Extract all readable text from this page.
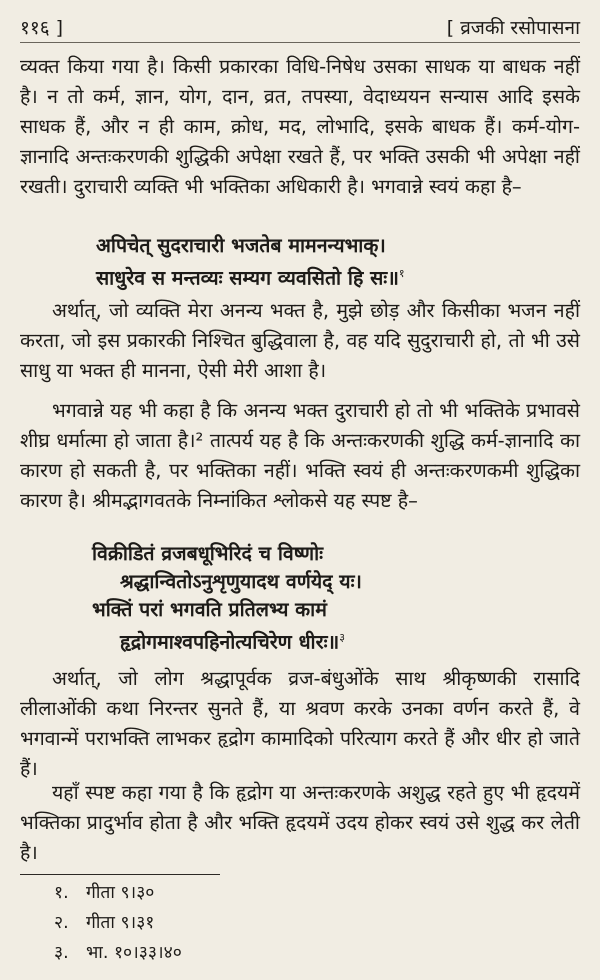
११६ ]	[ व्रजकी रसोपासना

व्यक्त किया गया है। किसी प्रकारका विधि-निषेध उसका साधक या बाधक नहीं है। न तो कर्म, ज्ञान, योग, दान, व्रत, तपस्या, वेदाध्ययन सन्यास आदि इसके साधक हैं, और न ही काम, क्रोध, मद, लोभादि, इसके बाधक हैं। कर्म-योग-ज्ञानादि अन्तःकरणकी शुद्धिकी अपेक्षा रखते हैं, पर भक्ति उसकी भी अपेक्षा नहीं रखती। दुराचारी व्यक्ति भी भक्तिका अधिकारी है। भगवान्ने स्वयं कहा है–

अपिचेत् सुदराचारी भजतेब मामनन्यभाक्।
साधुरेव स मन्तव्यः सम्यग व्यवसितो हि सः॥$^१$

अर्थात्, जो व्यक्ति मेरा अनन्य भक्त है, मुझे छोड़ और किसीका भजन नहीं करता, जो इस प्रकारकी निश्चित बुद्धिवाला है, वह यदि सुदुराचारी हो, तो भी उसे साधु या भक्त ही मानना, ऐसी मेरी आशा है।

भगवान्ने यह भी कहा है कि अनन्य भक्त दुराचारी हो तो भी भक्तिके प्रभावसे शीघ्र धर्मात्मा हो जाता है।² तात्पर्य यह है कि अन्तःकरणकी शुद्धि कर्म-ज्ञानादि का कारण हो सकती है, पर भक्तिका नहीं। भक्ति स्वयं ही अन्तःकरणकमी शुद्धिका कारण है। श्रीमद्भागवतके निम्नांकित श्लोकसे यह स्पष्ट है–

विक्रीडितं व्रजबधूभिरिदं च विष्णोः
श्रद्धान्वितोऽनुशृणुयादथ वर्णयेद् यः।
भक्तिं परां भगवति प्रतिलभ्य कामं
हृद्रोगमाश्वपहिनोत्यचिरेण धीरः॥$^३$

अर्थात्, जो लोग श्रद्धापूर्वक व्रज-बंधुओंके साथ श्रीकृष्णकी रासादि लीलाओंकी कथा निरन्तर सुनते हैं, या श्रवण करके उनका वर्णन करते हैं, वे भगवान्में पराभक्ति लाभकर हृद्रोग कामादिको परित्याग करते हैं और धीर हो जाते हैं।

यहाँ स्पष्ट कहा गया है कि हृद्रोग या अन्तःकरणके अशुद्ध रहते हुए भी हृदयमें भक्तिका प्रादुर्भाव होता है और भक्ति हृदयमें उदय होकर स्वयं उसे शुद्ध कर लेती है।

१. गीता ९।३०
२. गीता ९।३१
३. भा. १०।३३।४०
